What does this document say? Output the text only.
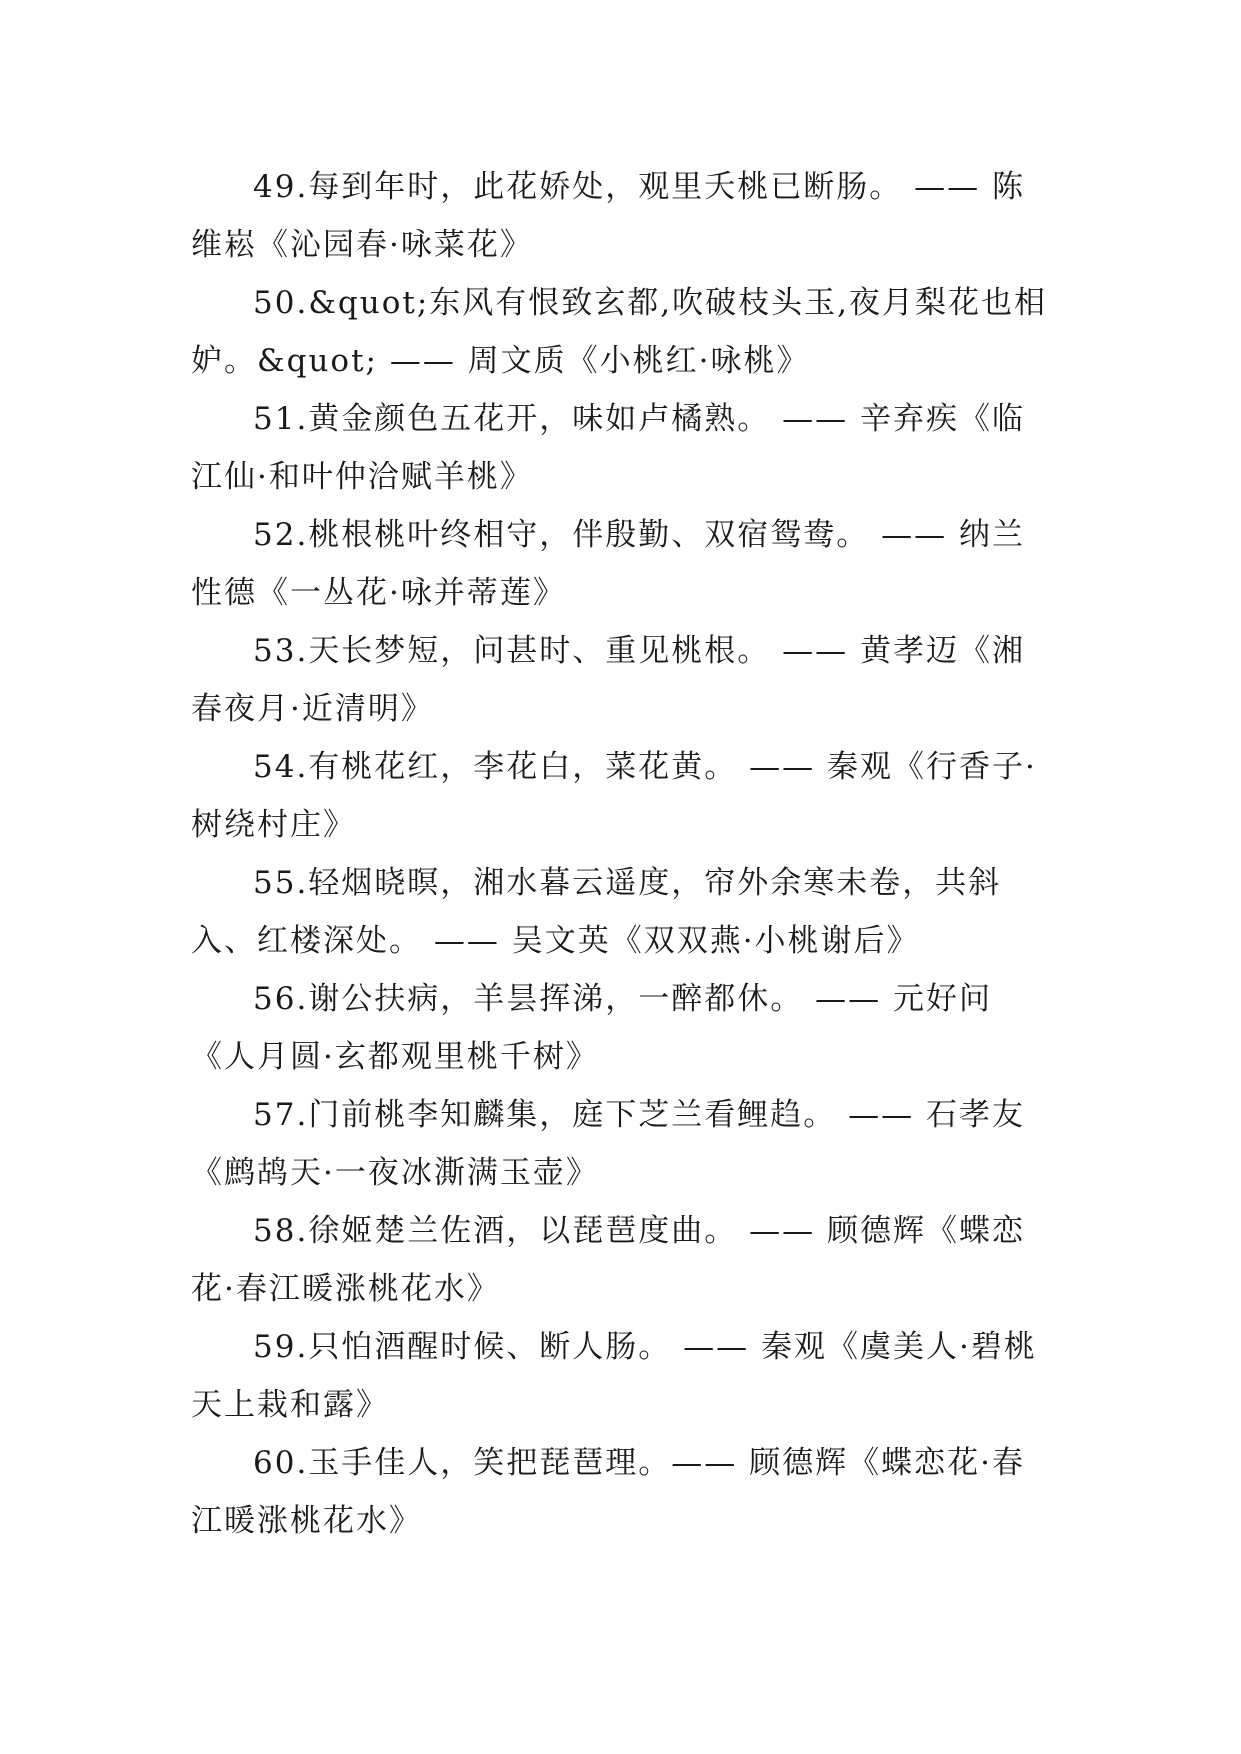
49.每到年时，此花娇处，观里夭桃已断肠。 —— 陈维崧《沁园春·咏菜花》

50.&quot;东风有恨致玄都,吹破枝头玉,夜月梨花也相妒。&quot; —— 周文质《小桃红·咏桃》

51.黄金颜色五花开，味如卢橘熟。 —— 辛弃疾《临江仙·和叶仲洽赋羊桃》

52.桃根桃叶终相守，伴殷勤、双宿鸳鸯。 —— 纳兰性德《一丛花·咏并蒂莲》

53.天长梦短，问甚时、重见桃根。 —— 黄孝迈《湘春夜月·近清明》

54.有桃花红，李花白，菜花黄。 —— 秦观《行香子·树绕村庄》

55.轻烟晓暝，湘水暮云遥度，帘外余寒未卷，共斜入、红楼深处。 —— 吴文英《双双燕·小桃谢后》

56.谢公扶病，羊昙挥涕，一醉都休。 —— 元好问《人月圆·玄都观里桃千树》

57.门前桃李知麟集，庭下芝兰看鲤趋。 —— 石孝友《鹧鸪天·一夜冰澌满玉壶》

58.徐姬楚兰佐酒，以琵琶度曲。 —— 顾德辉《蝶恋花·春江暖涨桃花水》

59.只怕酒醒时候、断人肠。 —— 秦观《虞美人·碧桃天上栽和露》

60.玉手佳人，笑把琵琶理。—— 顾德辉《蝶恋花·春江暖涨桃花水》
